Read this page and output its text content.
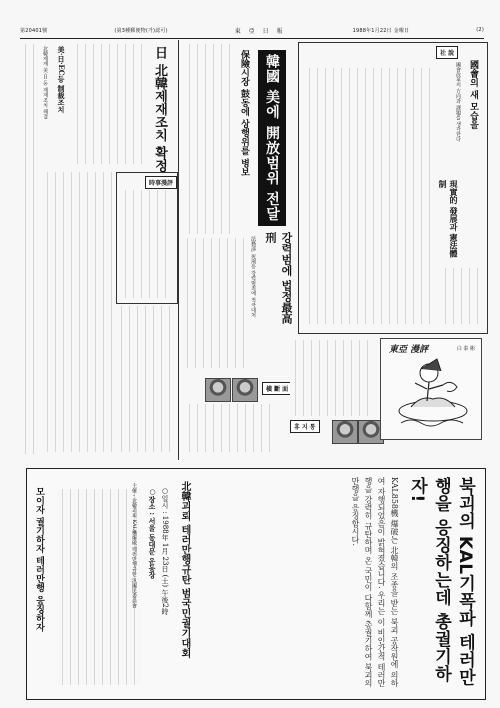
第20401號	(第3種郵便物(가)認可)	東 亞 日 報	1988年1月22日 金曜日	(2)
社 說
國會의 새 모습을
國會改革의 方向과 課題를 생각한다
現實的 發展과 憲法體制
韓國 美에 開放범위 전달
保險시장 鼓동에 상행위를 병보
강력범에 법정最高刑
法務部, 死刑등 강력범죄에 적극대처
橫 斷 面
휴 지 통
日 北韓제재조치 확정
美‧日‧EC등 制裁조치
北韓제재 美‧日 등 제재조치 해결
時事漫評
東亞 漫評	白 泰 彬
북괴의 KAL기폭파 테러만행을 응징하는데 총궐기하자!
KAL858機 爆破는 北韓의 조종을 받는 북괴 공작원에 의하여 자행되었음이 밝혀졌습니다. 우리는 이 비인간적 테러만행을 강력히 규탄하며 온 국민이 다함께 총궐기하여 북괴의 만행을 응징합시다.
北韓괴뢰 테러만행규탄 범국민궐기대회
○일시 : 1988年 1月 23日 (土) 午後2時
○장소 : 서울 동대문 운동장
主催 : 北韓괴뢰 KAL機爆破 테러만행규탄 汎國民委員會
모이자 궐기하자 테러만행 응징하자
